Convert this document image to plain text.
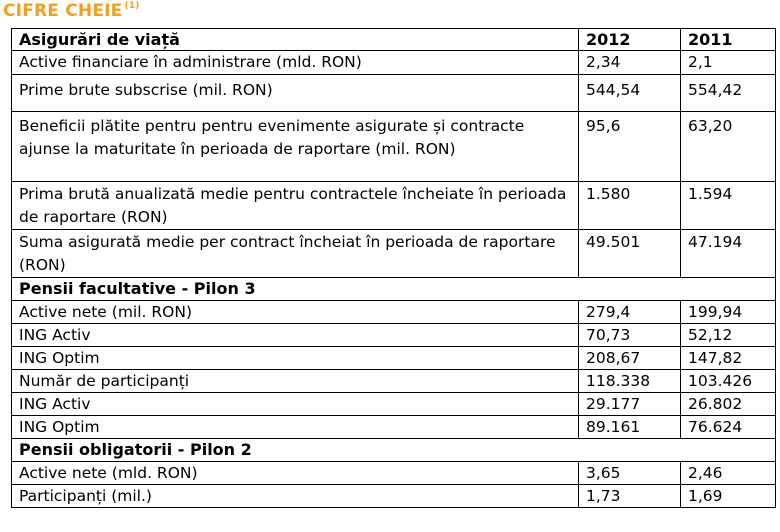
CIFRE CHEIE $^{(1)}$
Asigurări de viață	2012	2011
Active financiare în administrare (mld. RON)	2,34	2,1
Prime brute subscrise (mil. RON)	544,54	554,42
Beneficii plătite pentru pentru evenimente asigurate și contracte ajunse la maturitate în perioada de raportare (mil. RON)	95,6	63,20
Prima brută anualizată medie pentru contractele încheiate în perioada de raportare (RON)	1.580	1.594
Suma asigurată medie per contract încheiat în perioada de raportare (RON)	49.501	47.194
Pensii facultative - Pilon 3		
Active nete (mil. RON)	279,4	199,94
ING Activ	70,73	52,12
ING Optim	208,67	147,82
Număr de participanți	118.338	103.426
ING Activ	29.177	26.802
ING Optim	89.161	76.624
Pensii obligatorii - Pilon 2		
Active nete (mld. RON)	3,65	2,46
Participanți (mil.)	1,73	1,69
